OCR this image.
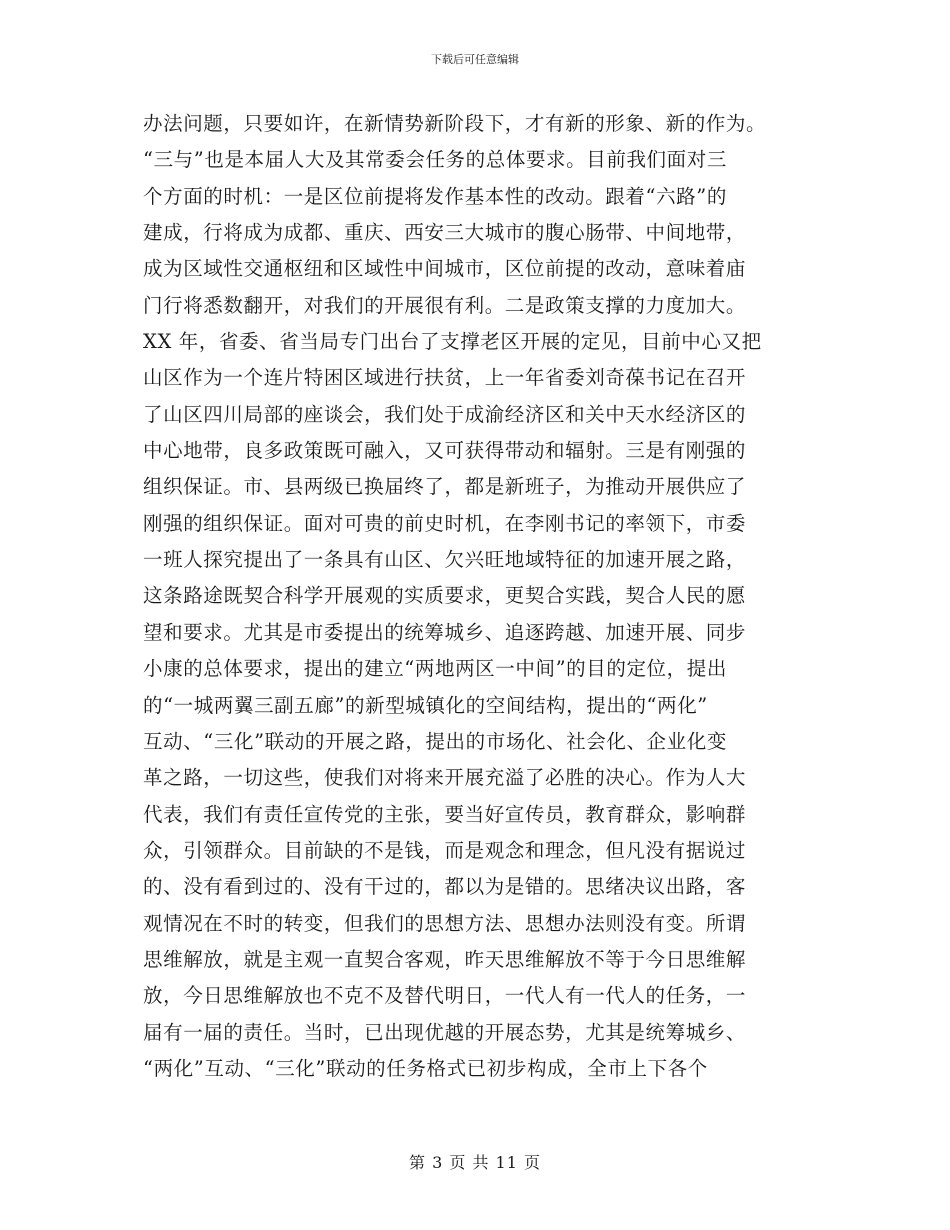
下载后可任意编辑
办法问题，只要如许，在新情势新阶段下，才有新的形象、新的作为。
“三与”也是本届人大及其常委会任务的总体要求。目前我们面对三
个方面的时机：一是区位前提将发作基本性的改动。跟着“六路”的
建成，行将成为成都、重庆、西安三大城市的腹心肠带、中间地带，
成为区域性交通枢纽和区域性中间城市，区位前提的改动，意味着庙
门行将悉数翻开，对我们的开展很有利。二是政策支撑的力度加大。
XX 年，省委、省当局专门出台了支撑老区开展的定见，目前中心又把
山区作为一个连片特困区域进行扶贫，上一年省委刘奇葆书记在召开
了山区四川局部的座谈会，我们处于成渝经济区和关中天水经济区的
中心地带，良多政策既可融入，又可获得带动和辐射。三是有刚强的
组织保证。市、县两级已换届终了，都是新班子，为推动开展供应了
刚强的组织保证。面对可贵的前史时机，在李刚书记的率领下，市委
一班人探究提出了一条具有山区、欠兴旺地域特征的加速开展之路，
这条路途既契合科学开展观的实质要求，更契合实践，契合人民的愿
望和要求。尤其是市委提出的统筹城乡、追逐跨越、加速开展、同步
小康的总体要求，提出的建立“两地两区一中间”的目的定位，提出
的“一城两翼三副五廊”的新型城镇化的空间结构，提出的“两化”
互动、“三化”联动的开展之路，提出的市场化、社会化、企业化变
革之路，一切这些，使我们对将来开展充溢了必胜的决心。作为人大
代表，我们有责任宣传党的主张，要当好宣传员，教育群众，影响群
众，引领群众。目前缺的不是钱，而是观念和理念，但凡没有据说过
的、没有看到过的、没有干过的，都以为是错的。思绪决议出路，客
观情况在不时的转变，但我们的思想方法、思想办法则没有变。所谓
思维解放，就是主观一直契合客观，昨天思维解放不等于今日思维解
放，今日思维解放也不克不及替代明日，一代人有一代人的任务，一
届有一届的责任。当时，已出现优越的开展态势，尤其是统筹城乡、
“两化”互动、“三化”联动的任务格式已初步构成，全市上下各个
第 3 页 共 11 页
